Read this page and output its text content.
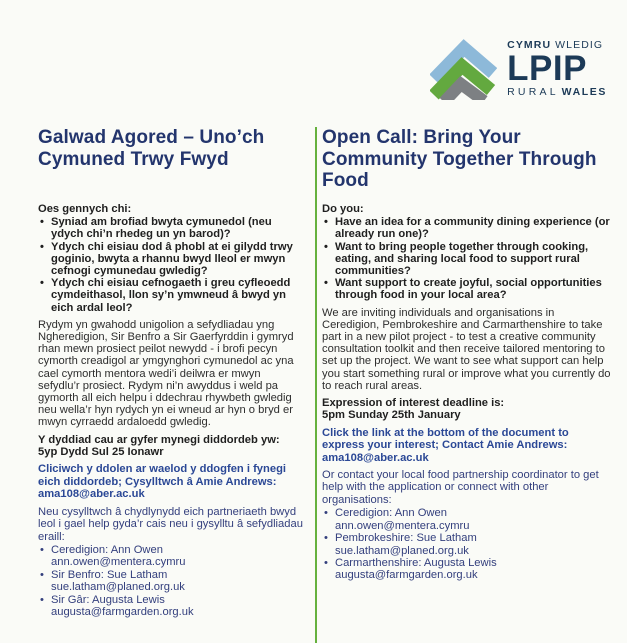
CYMRU WLEDIG
LPIP
RURAL WALES
Galwad Agored – Uno’ch Cymuned Trwy Fwyd
Oes gennych chi:
• Syniad am brofiad bwyta cymunedol (neu ydych chi’n rhedeg un yn barod)?
• Ydych chi eisiau dod â phobl at ei gilydd trwy goginio, bwyta a rhannu bwyd lleol er mwyn cefnogi cymunedau gwledig?
• Ydych chi eisiau cefnogaeth i greu cyfleoedd cymdeithasol, llon sy’n ymwneud â bwyd yn eich ardal leol?

Rydym yn gwahodd unigolion a sefydliadau yng Ngheredigion, Sir Benfro a Sir Gaerfyrddin i gymryd rhan mewn prosiect peilot newydd - i brofi pecyn cymorth creadigol ar ymgynghori cymunedol ac yna cael cymorth mentora wedi’i deilwra er mwyn sefydlu’r prosiect. Rydym ni’n awyddus i weld pa gymorth all eich helpu i ddechrau rhywbeth gwledig neu wella’r hyn rydych yn ei wneud ar hyn o bryd er mwyn cyrraedd ardaloedd gwledig.

Y dyddiad cau ar gyfer mynegi diddordeb yw:
5yp Dydd Sul 25 Ionawr

Cliciwch y ddolen ar waelod y ddogfen i fynegi eich diddordeb; Cysylltwch â Amie Andrews: ama108@aber.ac.uk

Neu cysylltwch â chydlynydd eich partneriaeth bwyd leol i gael help gyda’r cais neu i gysylltu â sefydliadau eraill:

• Ceredigion: Ann Owen
ann.owen@mentera.cymru
• Sir Benfro: Sue Latham
sue.latham@planed.org.uk
• Sir Gâr: Augusta Lewis
augusta@farmgarden.org.uk
Open Call: Bring Your Community Together Through Food
Do you:
• Have an idea for a community dining experience (or already run one)?
• Want to bring people together through cooking, eating, and sharing local food to support rural communities?
• Want support to create joyful, social opportunities through food in your local area?

We are inviting individuals and organisations in Ceredigion, Pembrokeshire and Carmarthenshire to take part in a new pilot project - to test a creative community consultation toolkit and then receive tailored mentoring to set up the project. We want to see what support can help you start something rural or improve what you currently do to reach rural areas.

Expression of interest deadline is:
5pm Sunday 25th January

Click the link at the bottom of the document to express your interest; Contact Amie Andrews: ama108@aber.ac.uk

Or contact your local food partnership coordinator to get help with the application or connect with other organisations:

• Ceredigion: Ann Owen
ann.owen@mentera.cymru
• Pembrokeshire: Sue Latham
sue.latham@planed.org.uk
• Carmarthenshire: Augusta Lewis
augusta@farmgarden.org.uk
